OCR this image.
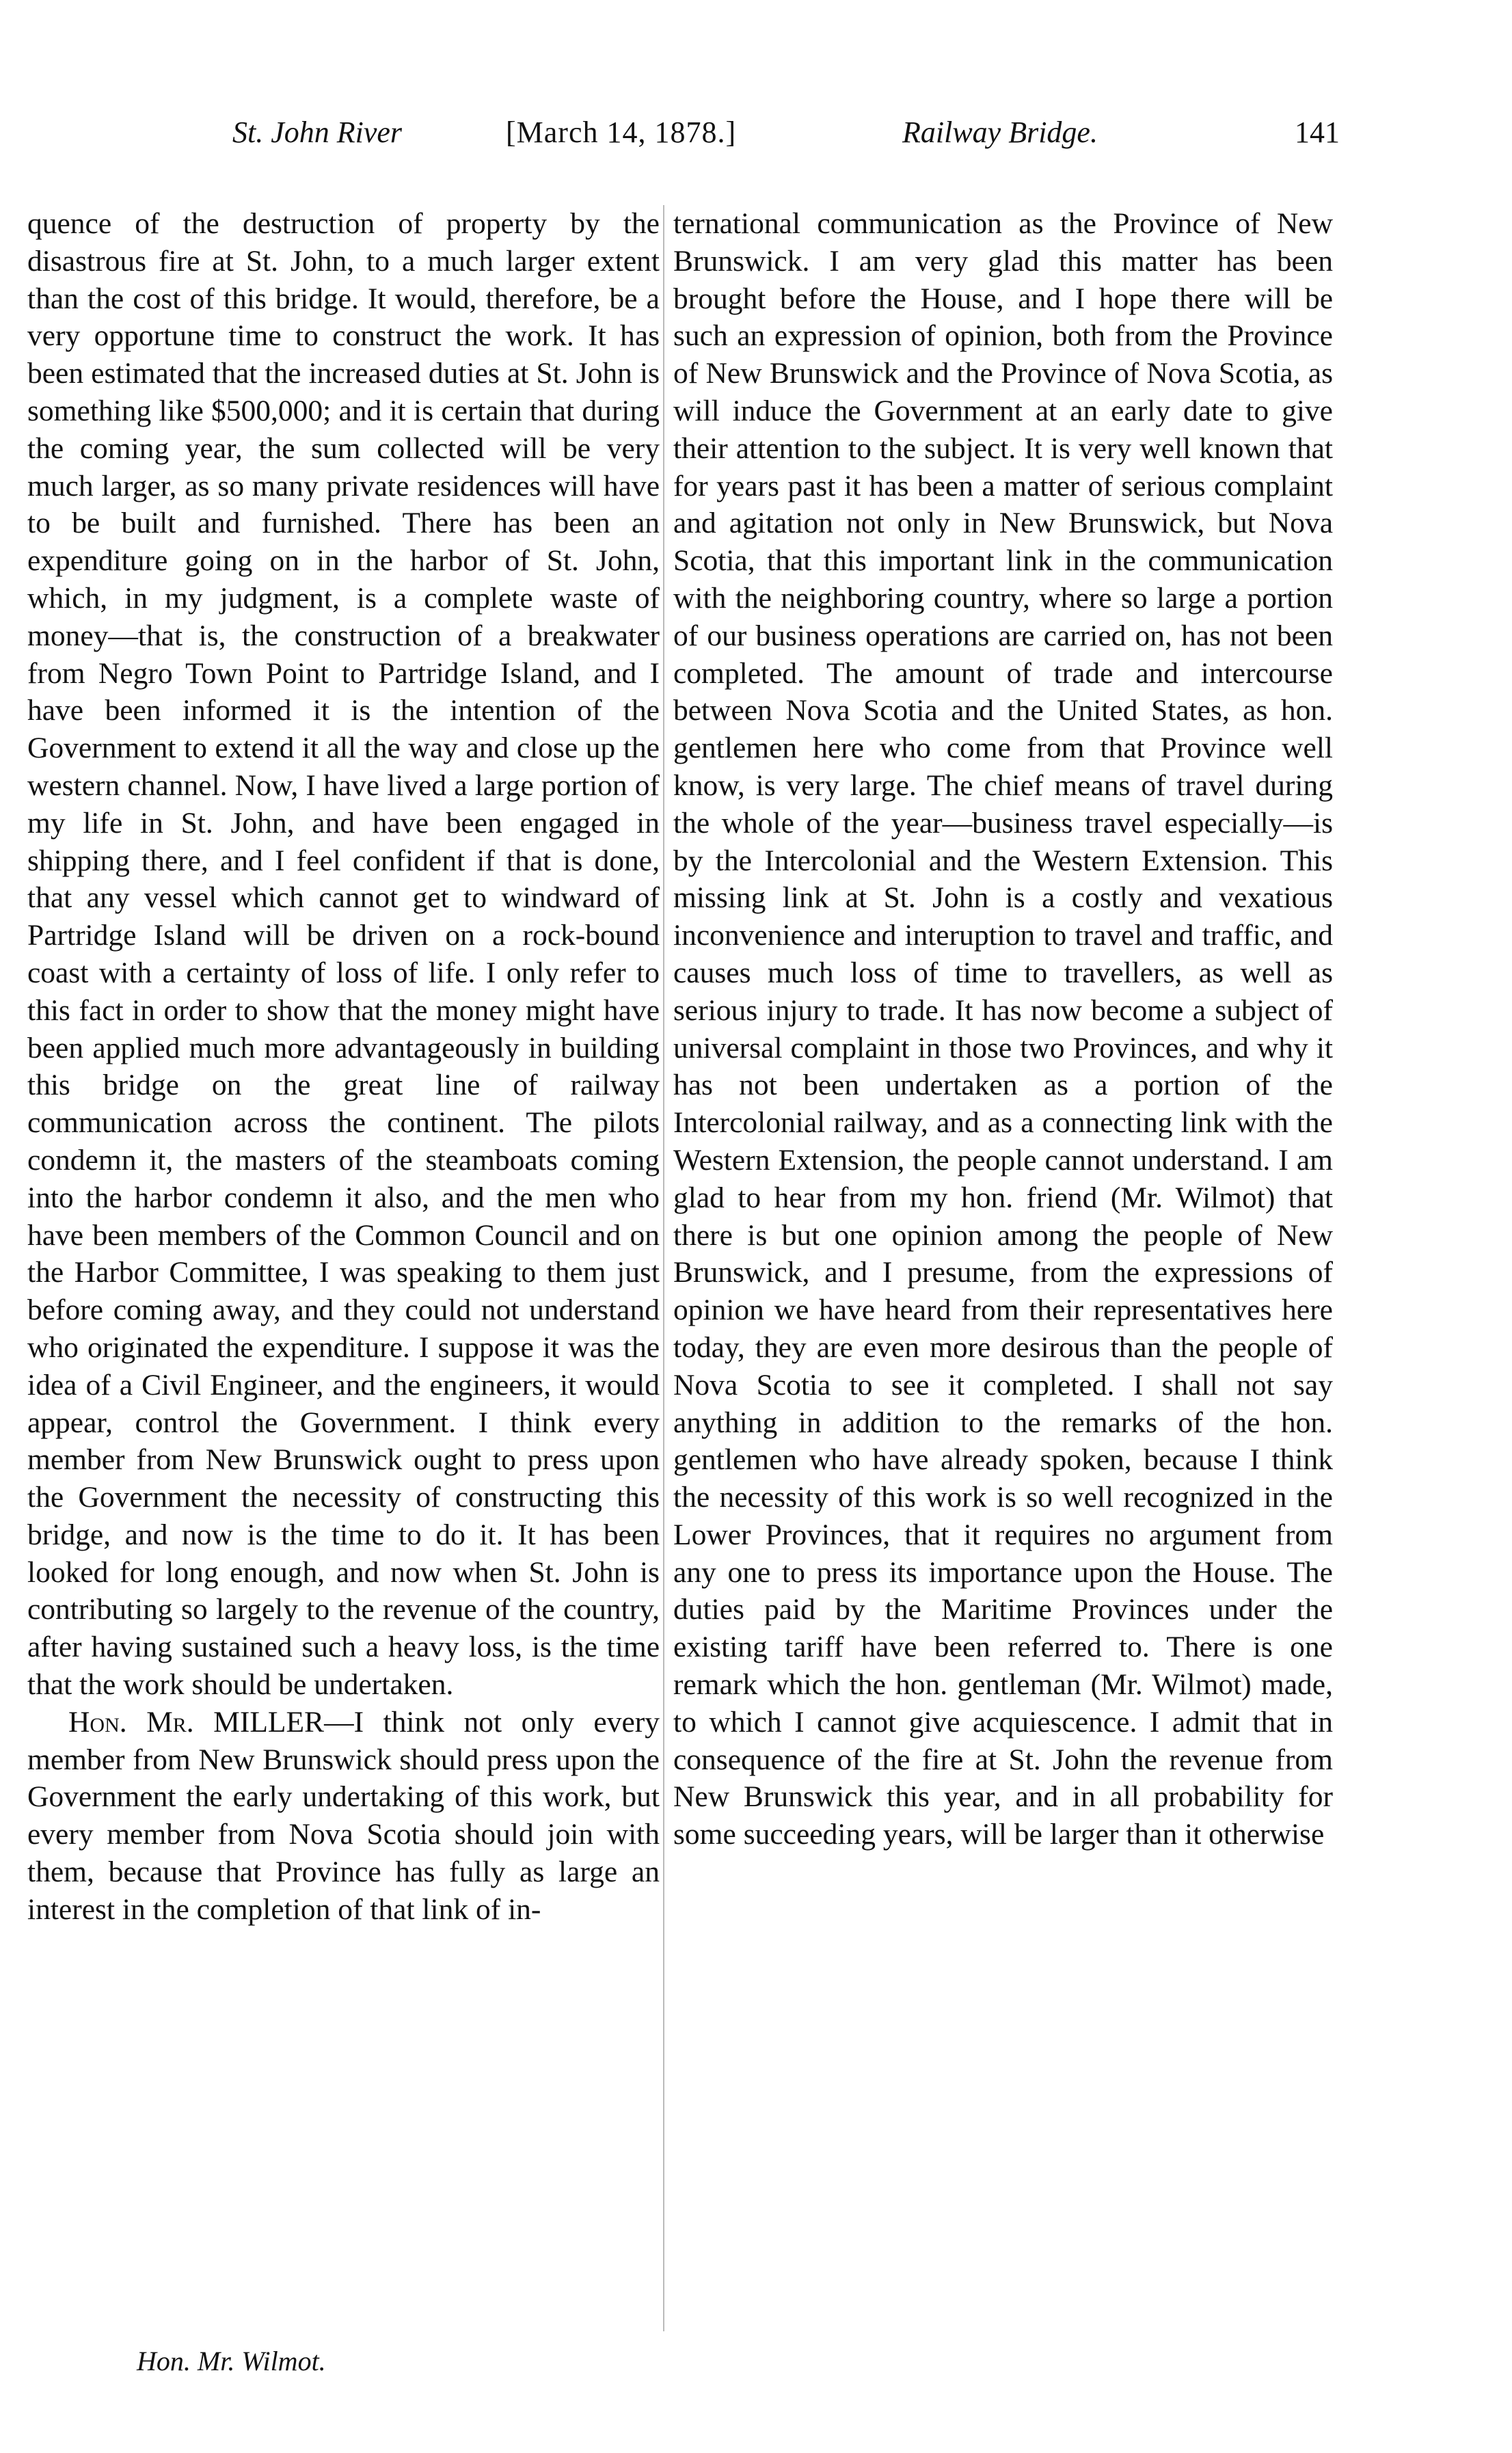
St. John River	[March 14, 1878.]	Railway Bridge.	141

quence of the destruction of property by the disastrous fire at St. John, to a much larger extent than the cost of this bridge. It would, therefore, be a very opportune time to construct the work. It has been estimated that the increased duties at St. John is something like $500,000; and it is certain that during the coming year, the sum collected will be very much larger, as so many private residences will have to be built and furnished. There has been an expenditure going on in the harbor of St. John, which, in my judgment, is a complete waste of money—that is, the construction of a breakwater from Negro Town Point to Partridge Island, and I have been informed it is the intention of the Government to extend it all the way and close up the western channel. Now, I have lived a large portion of my life in St. John, and have been engaged in shipping there, and I feel confident if that is done, that any vessel which cannot get to windward of Partridge Island will be driven on a rock-bound coast with a certainty of loss of life. I only refer to this fact in order to show that the money might have been applied much more advantageously in building this bridge on the great line of railway communication across the continent. The pilots condemn it, the masters of the steamboats coming into the harbor condemn it also, and the men who have been members of the Common Council and on the Harbor Committee, I was speaking to them just before coming away, and they could not understand who originated the expenditure. I suppose it was the idea of a Civil Engineer, and the engineers, it would appear, control the Government. I think every member from New Brunswick ought to press upon the Government the necessity of constructing this bridge, and now is the time to do it. It has been looked for long enough, and now when St. John is contributing so largely to the revenue of the country, after having sustained such a heavy loss, is the time that the work should be undertaken.

Hon. Mr. MILLER—I think not only every member from New Brunswick should press upon the Government the early undertaking of this work, but every member from Nova Scotia should join with them, because that Province has fully as large an interest in the completion of that link of in-

ternational communication as the Province of New Brunswick. I am very glad this matter has been brought before the House, and I hope there will be such an expression of opinion, both from the Province of New Brunswick and the Province of Nova Scotia, as will induce the Government at an early date to give their attention to the subject. It is very well known that for years past it has been a matter of serious complaint and agitation not only in New Brunswick, but Nova Scotia, that this important link in the communication with the neighboring country, where so large a portion of our business operations are carried on, has not been completed. The amount of trade and intercourse between Nova Scotia and the United States, as hon. gentlemen here who come from that Province well know, is very large. The chief means of travel during the whole of the year—business travel especially—is by the Intercolonial and the Western Extension. This missing link at St. John is a costly and vexatious inconvenience and interuption to travel and traffic, and causes much loss of time to travellers, as well as serious injury to trade. It has now become a subject of universal complaint in those two Provinces, and why it has not been undertaken as a portion of the Intercolonial railway, and as a connecting link with the Western Extension, the people cannot understand. I am glad to hear from my hon. friend (Mr. Wilmot) that there is but one opinion among the people of New Brunswick, and I presume, from the expressions of opinion we have heard from their representatives here today, they are even more desirous than the people of Nova Scotia to see it completed. I shall not say anything in addition to the remarks of the hon. gentlemen who have already spoken, because I think the necessity of this work is so well recognized in the Lower Provinces, that it requires no argument from any one to press its importance upon the House. The duties paid by the Maritime Provinces under the existing tariff have been referred to. There is one remark which the hon. gentleman (Mr. Wilmot) made, to which I cannot give acquiescence. I admit that in consequence of the fire at St. John the revenue from New Brunswick this year, and in all probability for some succeeding years, will be larger than it otherwise

Hon. Mr. Wilmot.
